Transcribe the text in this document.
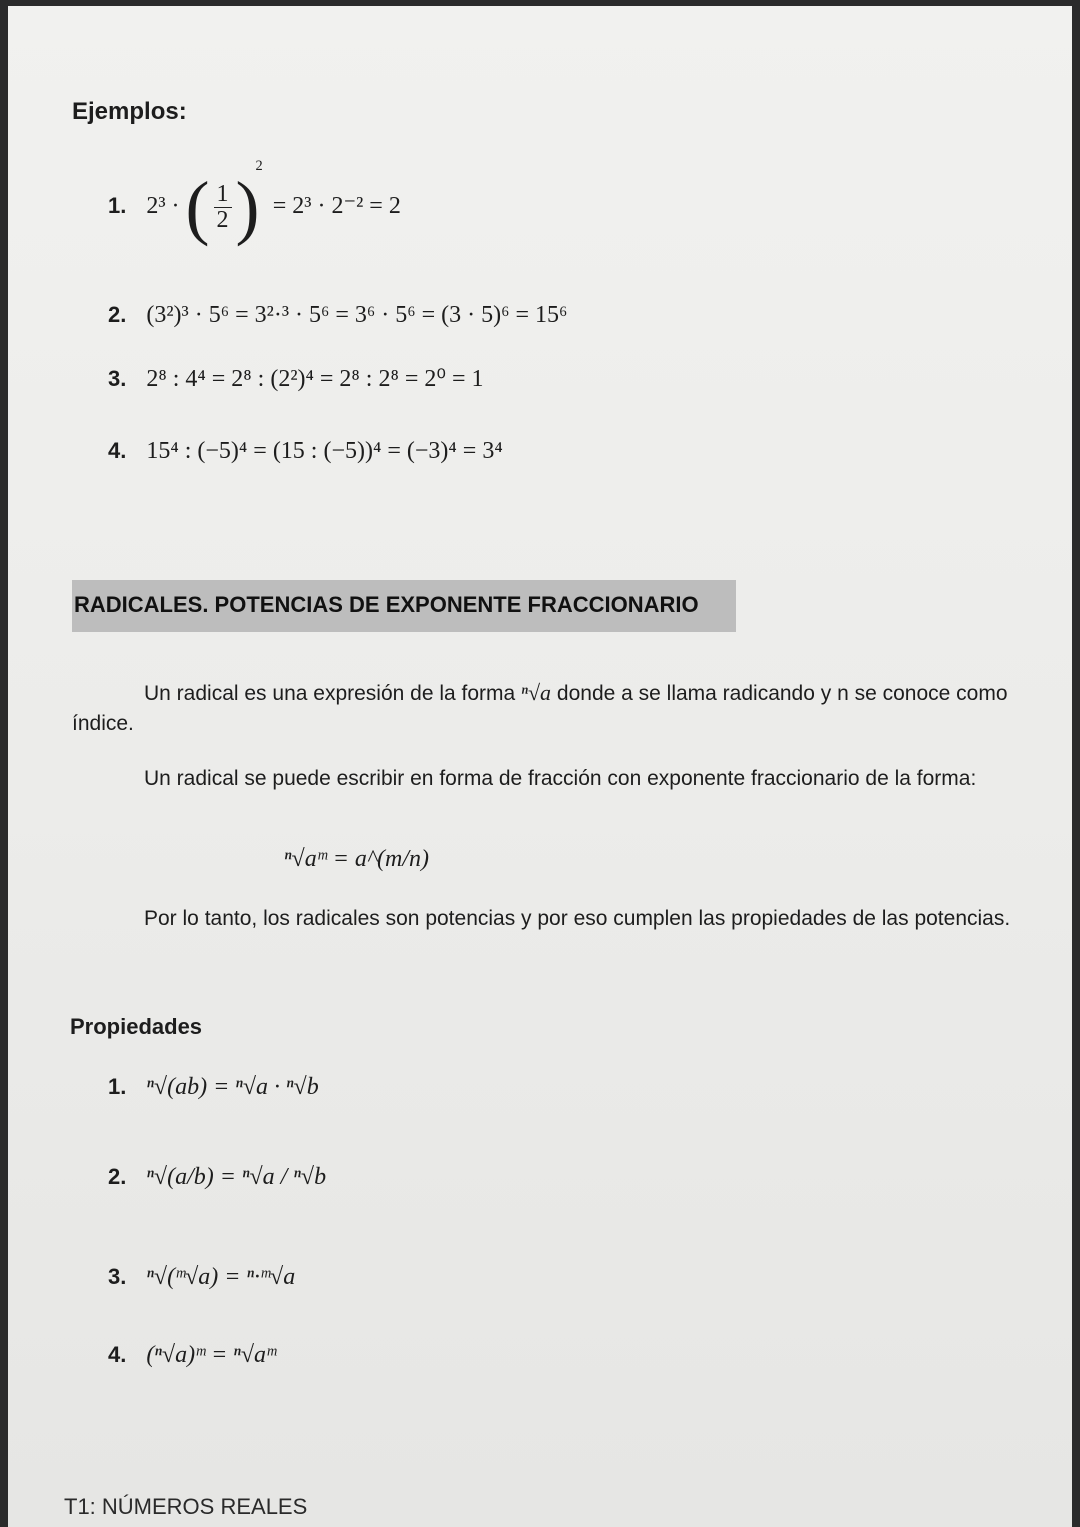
Ejemplos:
1. 2³ · ( $\frac{1}{2} )^2 = 2^3 \cdot 2^{-2} = 2$
2. (3²)³ · 5⁶ = 3²·³ · 5⁶ = 3⁶ · 5⁶ = (3 · 5)⁶ = 15⁶
3. 2⁸ : 4⁴ = 2⁸ : (2²)⁴ = 2⁸ : 2⁸ = 2⁰ = 1
4. 15⁴ : (−5)⁴ = (15 : (−5))⁴ = (−3)⁴ = 3⁴
RADICALES. POTENCIAS DE EXPONENTE FRACCIONARIO
Un radical es una expresión de la forma ⁿ√a donde a se llama radicando y n se conoce como índice.
Un radical se puede escribir en forma de fracción con exponente fraccionario de la forma:
ⁿ√aᵐ = a^(m/n)
Por lo tanto, los radicales son potencias y por eso cumplen las propiedades de las potencias.
Propiedades
1. ⁿ√(ab) = ⁿ√a · ⁿ√b
2. ⁿ√(a/b) = ⁿ√a / ⁿ√b
3. ⁿ√(ᵐ√a) = ⁿ·ᵐ√a
4. (ⁿ√a)ᵐ = ⁿ√aᵐ
T1: NÚMEROS REALES
